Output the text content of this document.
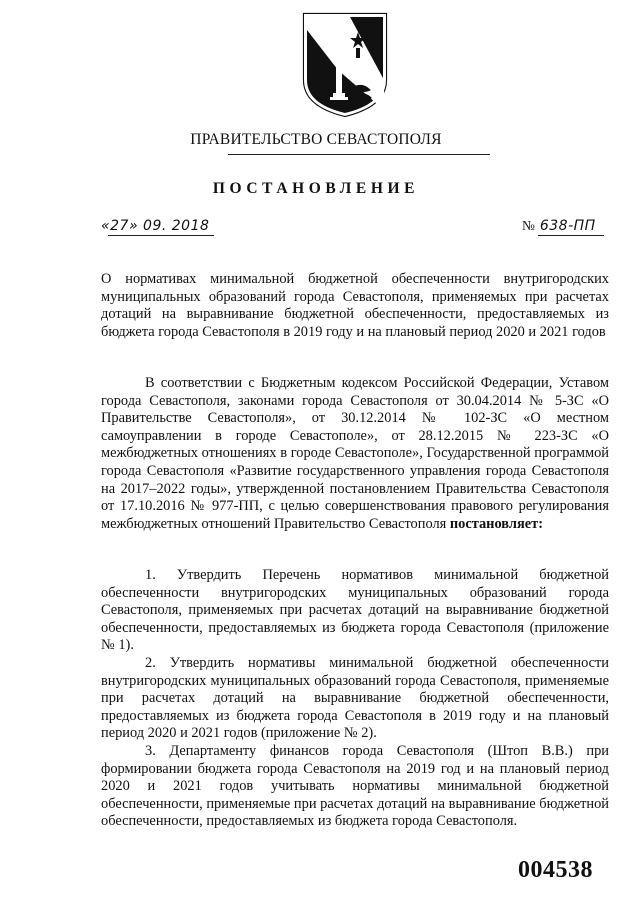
ПРАВИТЕЛЬСТВО СЕВАСТОПОЛЯ
ПОСТАНОВЛЕНИЕ
«27» 09. 2018	№ 638-ПП
О нормативах минимальной бюджетной обеспеченности внутригородских муниципальных образований города Севастополя, применяемых при расчетах дотаций на выравнивание бюджетной обеспеченности, предоставляемых из бюджета города Севастополя в 2019 году и на плановый период 2020 и 2021 годов
В соответствии с Бюджетным кодексом Российской Федерации, Уставом города Севастополя, законами города Севастополя от 30.04.2014 № 5-ЗС «О Правительстве Севастополя», от 30.12.2014 № 102-ЗС «О местном самоуправлении в городе Севастополе», от 28.12.2015 № 223-ЗС «О межбюджетных отношениях в городе Севастополе», Государственной программой города Севастополя «Развитие государственного управления города Севастополя на 2017–2022 годы», утвержденной постановлением Правительства Севастополя от 17.10.2016 № 977-ПП, с целью совершенствования правового регулирования межбюджетных отношений Правительство Севастополя постановляет:

1. Утвердить Перечень нормативов минимальной бюджетной обеспеченности внутригородских муниципальных образований города Севастополя, применяемых при расчетах дотаций на выравнивание бюджетной обеспеченности, предоставляемых из бюджета города Севастополя (приложение № 1).

2. Утвердить нормативы минимальной бюджетной обеспеченности внутригородских муниципальных образований города Севастополя, применяемые при расчетах дотаций на выравнивание бюджетной обеспеченности, предоставляемых из бюджета города Севастополя в 2019 году и на плановый период 2020 и 2021 годов (приложение № 2).

3. Департаменту финансов города Севастополя (Штоп В.В.) при формировании бюджета города Севастополя на 2019 год и на плановый период 2020 и 2021 годов учитывать нормативы минимальной бюджетной обеспеченности, применяемые при расчетах дотаций на выравнивание бюджетной обеспеченности, предоставляемых из бюджета города Севастополя.

004538
